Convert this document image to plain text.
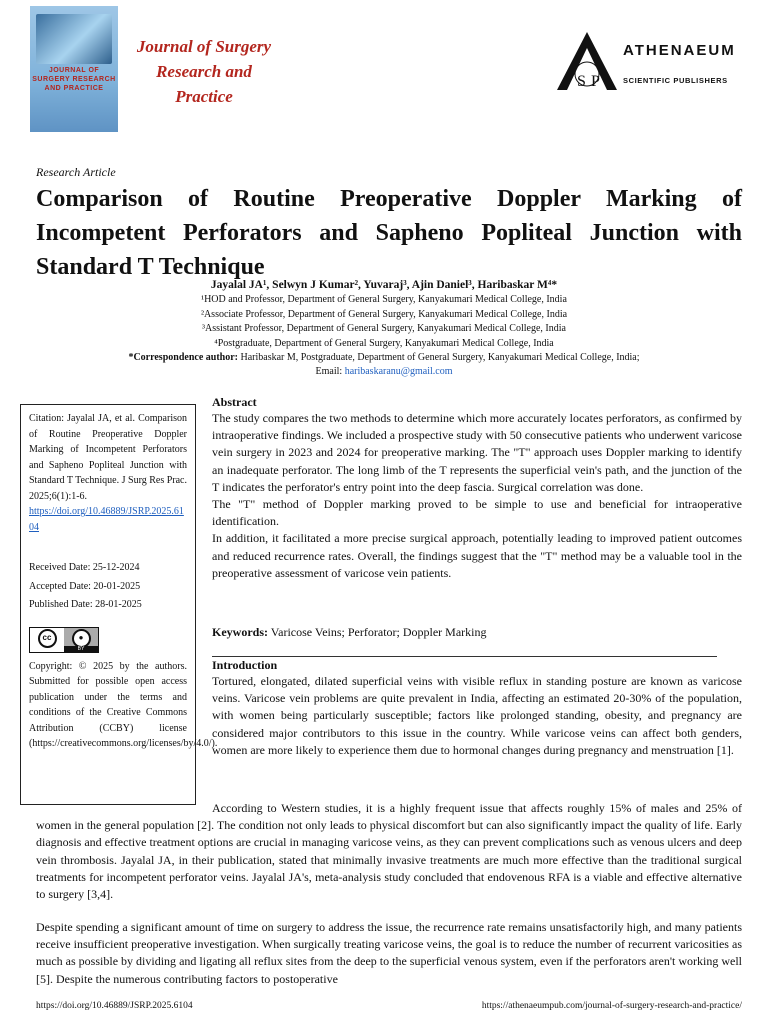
JOURNAL OF SURGERY RESEARCH AND PRACTICE
Journal of Surgery
Research and
Practice
S P
ATHENAEUM
SCIENTIFIC PUBLISHERS
Research Article
Comparison of Routine Preoperative Doppler Marking of Incompetent Perforators and Sapheno Popliteal Junction with Standard T Technique
Jayalal JA¹, Selwyn J Kumar², Yuvaraj³, Ajin Daniel³, Haribaskar M⁴*
¹HOD and Professor, Department of General Surgery, Kanyakumari Medical College, India
²Associate Professor, Department of General Surgery, Kanyakumari Medical College, India
³Assistant Professor, Department of General Surgery, Kanyakumari Medical College, India
⁴Postgraduate, Department of General Surgery, Kanyakumari Medical College, India
*Correspondence author: Haribaskar M, Postgraduate, Department of General Surgery, Kanyakumari Medical College, India;
Email: haribaskaranu@gmail.com
Citation: Jayalal JA, et al. Comparison of Routine Preoperative Doppler Marking of Incompetent Perforators and Sapheno Popliteal Junction with Standard T Technique. J Surg Res Prac. 2025;6(1):1-6.
https://doi.org/10.46889/JSRP.2025.6104

Received Date: 25-12-2024

Accepted Date: 20-01-2025

Published Date: 28-01-2025

cc	●
BY
Copyright: © 2025 by the authors. Submitted for possible open access publication under the terms and conditions of the Creative Commons Attribution (CCBY) license (https://creativecommons.org/licenses/by/4.0/).
Abstract
The study compares the two methods to determine which more accurately locates perforators, as confirmed by intraoperative findings. We included a prospective study with 50 consecutive patients who underwent varicose vein surgery in 2023 and 2024 for preoperative marking. The "T" approach uses Doppler marking to identify an inadequate perforator. The long limb of the T represents the superficial vein's path, and the junction of the T indicates the perforator's entry point into the deep fascia. Surgical correlation was done.
The "T" method of Doppler marking proved to be simple to use and beneficial for intraoperative identification.
In addition, it facilitated a more precise surgical approach, potentially leading to improved patient outcomes and reduced recurrence rates. Overall, the findings suggest that the "T" method may be a valuable tool in the preoperative assessment of varicose vein patients.
Keywords: Varicose Veins; Perforator; Doppler Marking
Introduction
Tortured, elongated, dilated superficial veins with visible reflux in standing posture are known as varicose veins. Varicose vein problems are quite prevalent in India, affecting an estimated 20-30% of the population, with women being particularly susceptible; factors like prolonged standing, obesity, and pregnancy are considered major contributors to this issue in the country. While varicose veins can affect both genders, women are more likely to experience them due to hormonal changes during pregnancy and menstruation [1].
According to Western studies, it is a highly frequent issue that affects roughly 15% of males and 25% of women in the general population [2]. The condition not only leads to physical discomfort but can also significantly impact the quality of life. Early diagnosis and effective treatment options are crucial in managing varicose veins, as they can prevent complications such as venous ulcers and deep vein thrombosis. Jayalal JA, in their publication, stated that minimally invasive treatments are much more effective than the traditional surgical treatments for incompetent perforator veins. Jayalal JA's, meta-analysis study concluded that endovenous RFA is a viable and effective alternative to surgery [3,4].
Despite spending a significant amount of time on surgery to address the issue, the recurrence rate remains unsatisfactorily high, and many patients receive insufficient preoperative investigation. When surgically treating varicose veins, the goal is to reduce the number of recurrent varicosities as much as possible by dividing and ligating all reflux sites from the deep to the superficial venous system, even if the perforators aren't working well [5]. Despite the numerous contributing factors to postoperative
https://doi.org/10.46889/JSRP.2025.6104	https://athenaeumpub.com/journal-of-surgery-research-and-practice/
